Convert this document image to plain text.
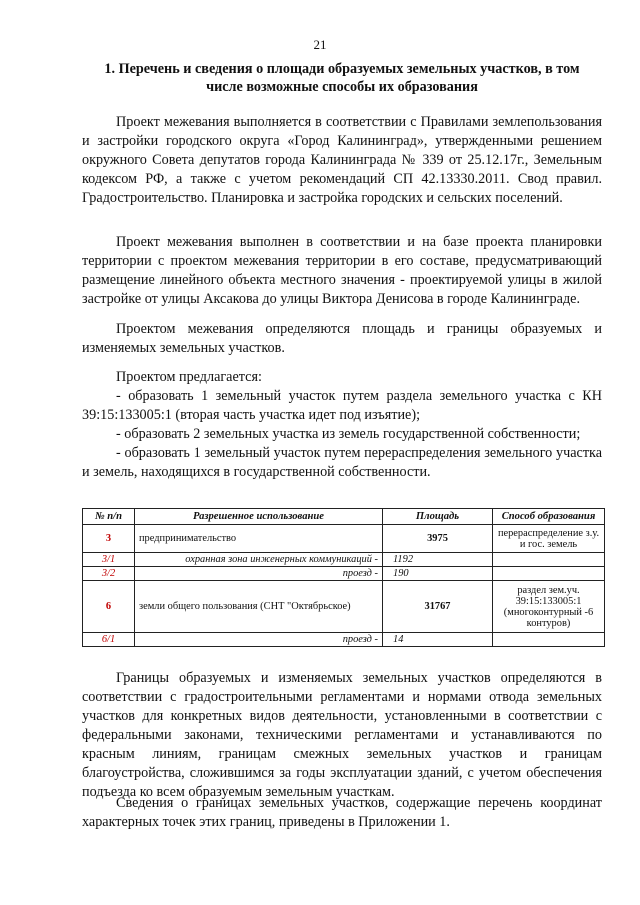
21
1. Перечень и сведения о площади образуемых земельных участков, в том числе возможные способы их образования

Проект межевания выполняется в соответствии с Правилами землепользования и застройки городского округа «Город Калининград», утвержденными решением окружного Совета депутатов города Калининграда № 339 от 25.12.17г., Земельным кодексом РФ, а также с учетом рекомендаций СП 42.13330.2011. Свод правил. Градостроительство. Планировка и застройка городских и сельских поселений.

Проект межевания выполнен в соответствии и на базе проекта планировки территории с проектом межевания территории в его составе, предусматривающий размещение линейного объекта местного значения - проектируемой улицы в жилой застройке от улицы Аксакова до улицы Виктора Денисова в городе Калининграде.

Проектом межевания определяются площадь и границы образуемых и изменяемых земельных участков.

Проектом предлагается:

- образовать 1 земельный участок путем раздела земельного участка с КН 39:15:133005:1 (вторая часть участка идет под изъятие);

- образовать 2 земельных участка из земель государственной собственности;

- образовать 1 земельный участок путем перераспределения земельного участка и земель, находящихся в государственной собственности.

№ п/п	Разрешенное использование	Площадь	Способ образования
3	предпринимательство	3975	перераспределение з.у. и гос. земель
3/1	охранная зона инженерных коммуникаций -	1192	
3/2	проезд -	190	
6	земли общего пользования (СНТ "Октябрьское)	31767	раздел зем.уч. 39:15:133005:1 (многоконтурный -6 контуров)
6/1	проезд -	14	

Границы образуемых и изменяемых земельных участков определяются в соответствии с градостроительными регламентами и нормами отвода земельных участков для конкретных видов деятельности, установленными в соответствии с федеральными законами, техническими регламентами и устанавливаются по красным линиям, границам смежных земельных участков и границам благоустройства, сложившимся за годы эксплуатации зданий, с учетом обеспечения подъезда ко всем образуемым земельным участкам.

Сведения о границах земельных участков, содержащие перечень координат характерных точек этих границ, приведены в Приложении 1.
